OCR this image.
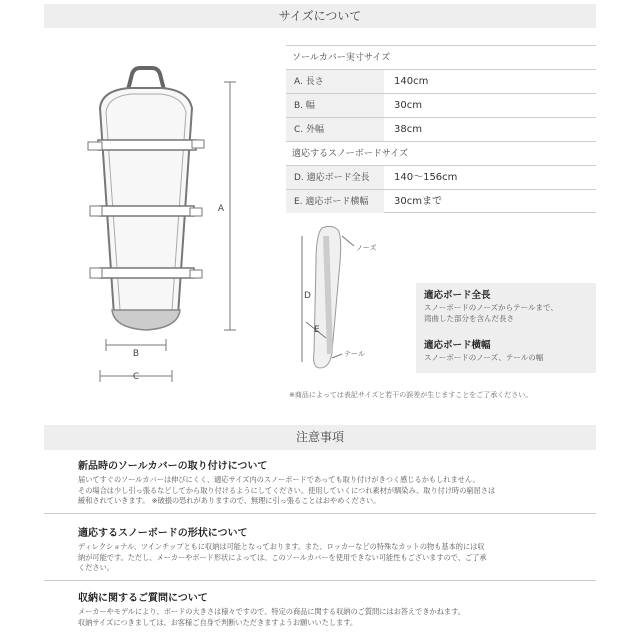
サイズについて
A
B
C
ソールカバー実寸サイズ
A. 長さ	140cm
B. 幅	30cm
C. 外幅	38cm
適応するスノーボードサイズ
D. 適応ボード全長	140〜156cm
E. 適応ボード横幅	30cmまで
D
E
ノーズ
テール
適応ボード全長
スノーボードのノーズからテールまで、
湾曲した部分を含んだ長さ
適応ボード横幅
スノーボードのノーズ、テールの幅
※商品によっては表記サイズと若干の誤差が生じますことをご了承ください。
注意事項
新品時のソールカバーの取り付けについて
届いてすぐのソールカバーは伸びにくく、適応サイズ内のスノーボードであっても取り付けがきつく感じるかもしれません。
その場合は少し引っ張るなどしてから取り付けるようにしてください。使用していくにつれ素材が馴染み、取り付け時の窮屈さは
緩和されていきます。 ※破損の恐れがありますので、無理に引っ張ることはおやめください。
適応するスノーボードの形状について
ディレクショナル、ツインチップともに収納は可能となっております。また、ロッカーなどの特殊なカットの物も基本的には収
納が可能です。ただし、メーカーやボード形状によっては、このソールカバーを使用できない可能性もございますので、ご了承
ください。
収納に関するご質問について
メーカーやモデルにより、ボードの大きさは様々ですので、特定の商品に関する収納のご質問にはお答えできかねます。
収納サイズにつきましては、お客様ご自身で判断いただきますようお願いいたします。
